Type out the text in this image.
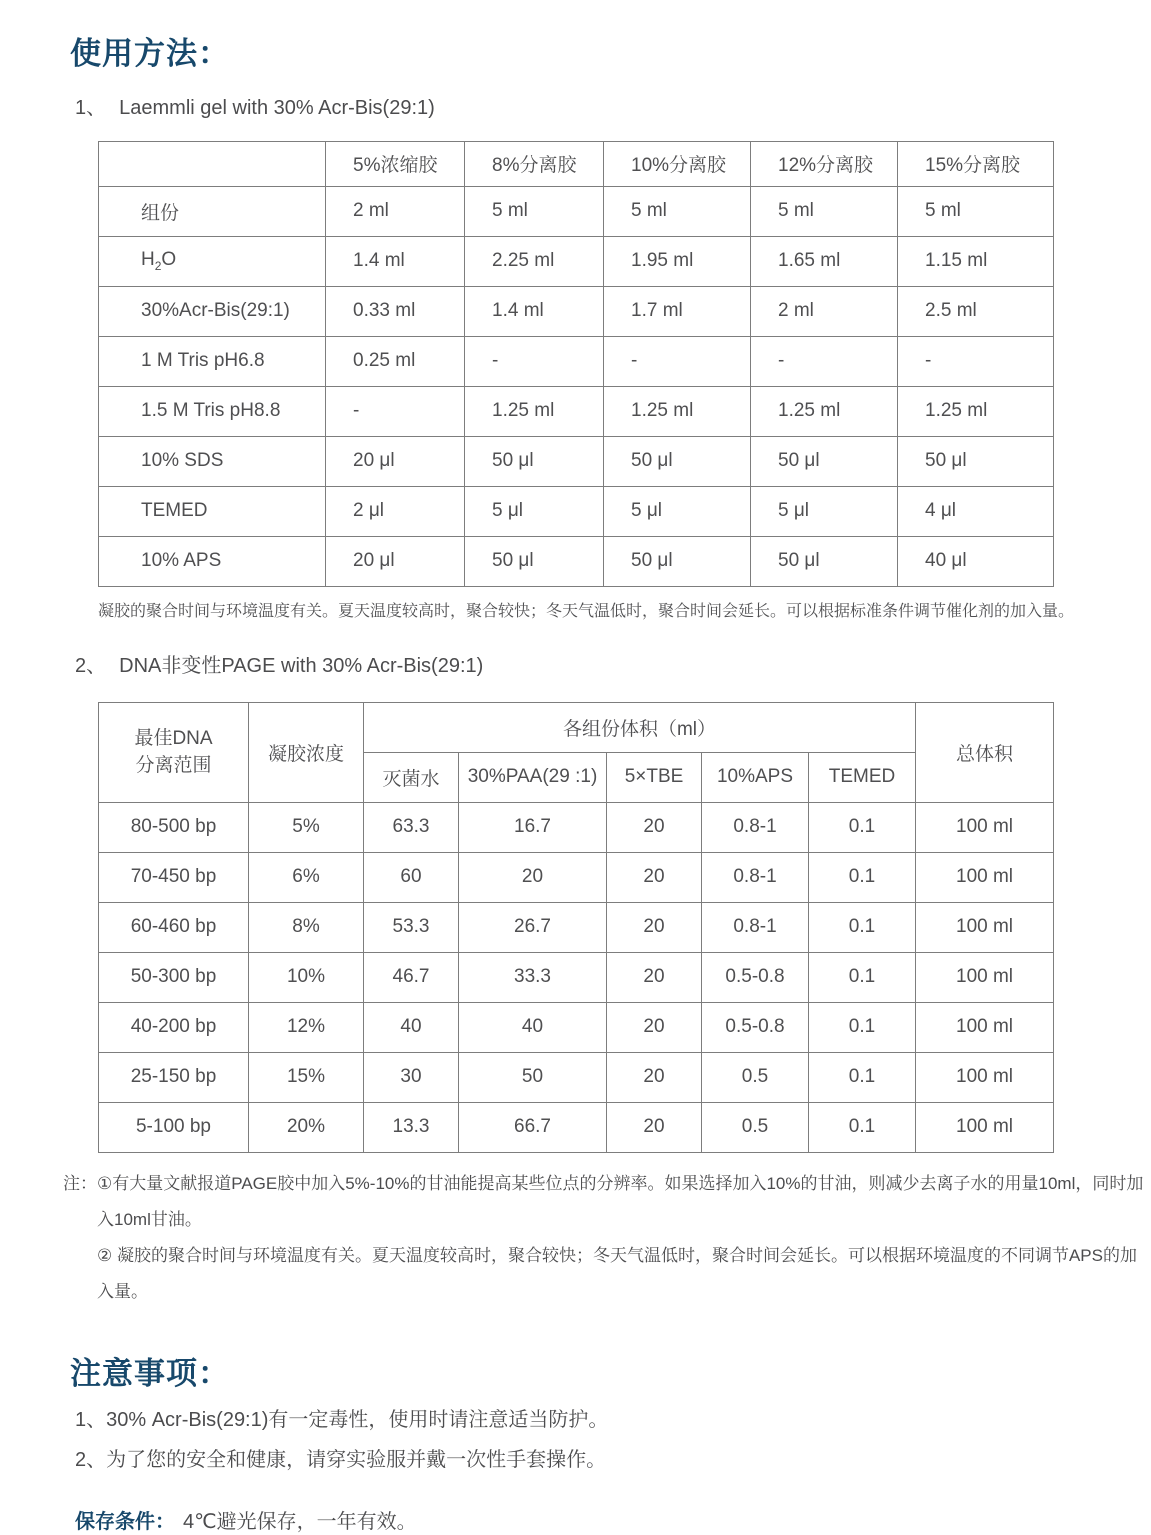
使用方法：
1、 Laemmli gel with 30% Acr-Bis(29:1)
	5%浓缩胶	8%分离胶	10%分离胶	12%分离胶	15%分离胶
组份	2 ml	5 ml	5 ml	5 ml	5 ml
$H_2O$	1.4 ml	2.25 ml	1.95 ml	1.65 ml	1.15 ml
30%Acr-Bis(29:1)	0.33 ml	1.4 ml	1.7 ml	2 ml	2.5 ml
1 M Tris pH6.8	0.25 ml	-	-	-	-
1.5 M Tris pH8.8	-	1.25 ml	1.25 ml	1.25 ml	1.25 ml
10% SDS	20 μl	50 μl	50 μl	50 μl	50 μl
TEMED	2 μl	5 μl	5 μl	5 μl	4 μl
10% APS	20 μl	50 μl	50 μl	50 μl	40 μl

凝胶的聚合时间与环境温度有关。夏天温度较高时，聚合较快；冬天气温低时，聚合时间会延长。可以根据标准条件调节催化剂的加入量。

2、 DNA非变性PAGE with 30% Acr-Bis(29:1)
最佳DNA
分离范围	凝胶浓度	各组份体积（ml）					总体积
		灭菌水	30%PAA(29 :1)	5×TBE	10%APS	TEMED	
80-500 bp	5%	63.3	16.7	20	0.8-1	0.1	100 ml
70-450 bp	6%	60	20	20	0.8-1	0.1	100 ml
60-460 bp	8%	53.3	26.7	20	0.8-1	0.1	100 ml
50-300 bp	10%	46.7	33.3	20	0.5-0.8	0.1	100 ml
40-200 bp	12%	40	40	20	0.5-0.8	0.1	100 ml
25-150 bp	15%	30	50	20	0.5	0.1	100 ml
5-100 bp	20%	13.3	66.7	20	0.5	0.1	100 ml
注： ①有大量文献报道PAGE胶中加入5%-10%的甘油能提高某些位点的分辨率。如果选择加入10%的甘油，则减少去离子水的用量10ml，同时加入10ml甘油。

② 凝胶的聚合时间与环境温度有关。夏天温度较高时，聚合较快；冬天气温低时，聚合时间会延长。可以根据环境温度的不同调节APS的加入量。

注意事项：

1、30% Acr-Bis(29:1)有一定毒性，使用时请注意适当防护。

2、为了您的安全和健康，请穿实验服并戴一次性手套操作。

保存条件： 4℃避光保存，一年有效。
